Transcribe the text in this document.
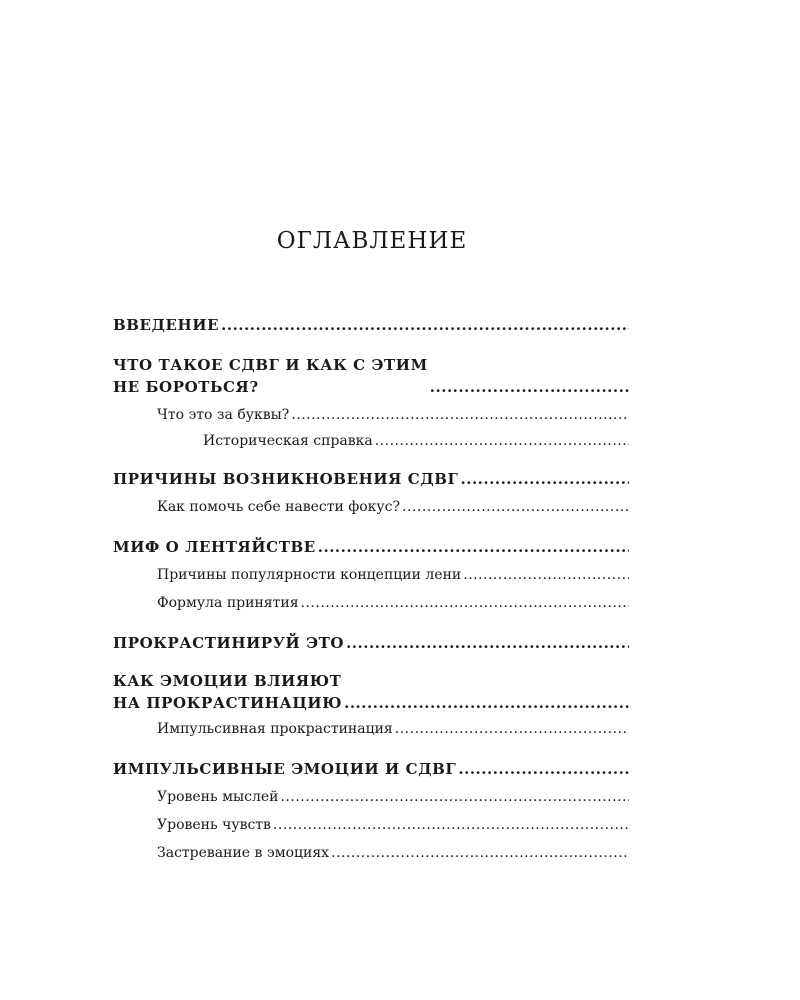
ОГЛАВЛЕНИЕ
ВВЕДЕНИЕ
.....
ЧТО ТАКОЕ СДВГ И КАК С ЭТИМ
НЕ БОРОТЬСЯ?
.....
Что это за буквы?
.....
Историческая справка
.....
ПРИЧИНЫ ВОЗНИКНОВЕНИЯ СДВГ
.....
Как помочь себе навести фокус?
.....
МИФ О ЛЕНТЯЙСТВЕ
.....
Причины популярности концепции лени
.....
Формула принятия
.....
ПРОКРАСТИНИРУЙ ЭТО
.....
КАК ЭМОЦИИ ВЛИЯЮТ
НА ПРОКРАСТИНАЦИЮ
.....
Импульсивная прокрастинация
.....
ИМПУЛЬСИВНЫЕ ЭМОЦИИ И СДВГ
.....
Уровень мыслей
.....
Уровень чувств
.....
Застревание в эмоциях
.....
